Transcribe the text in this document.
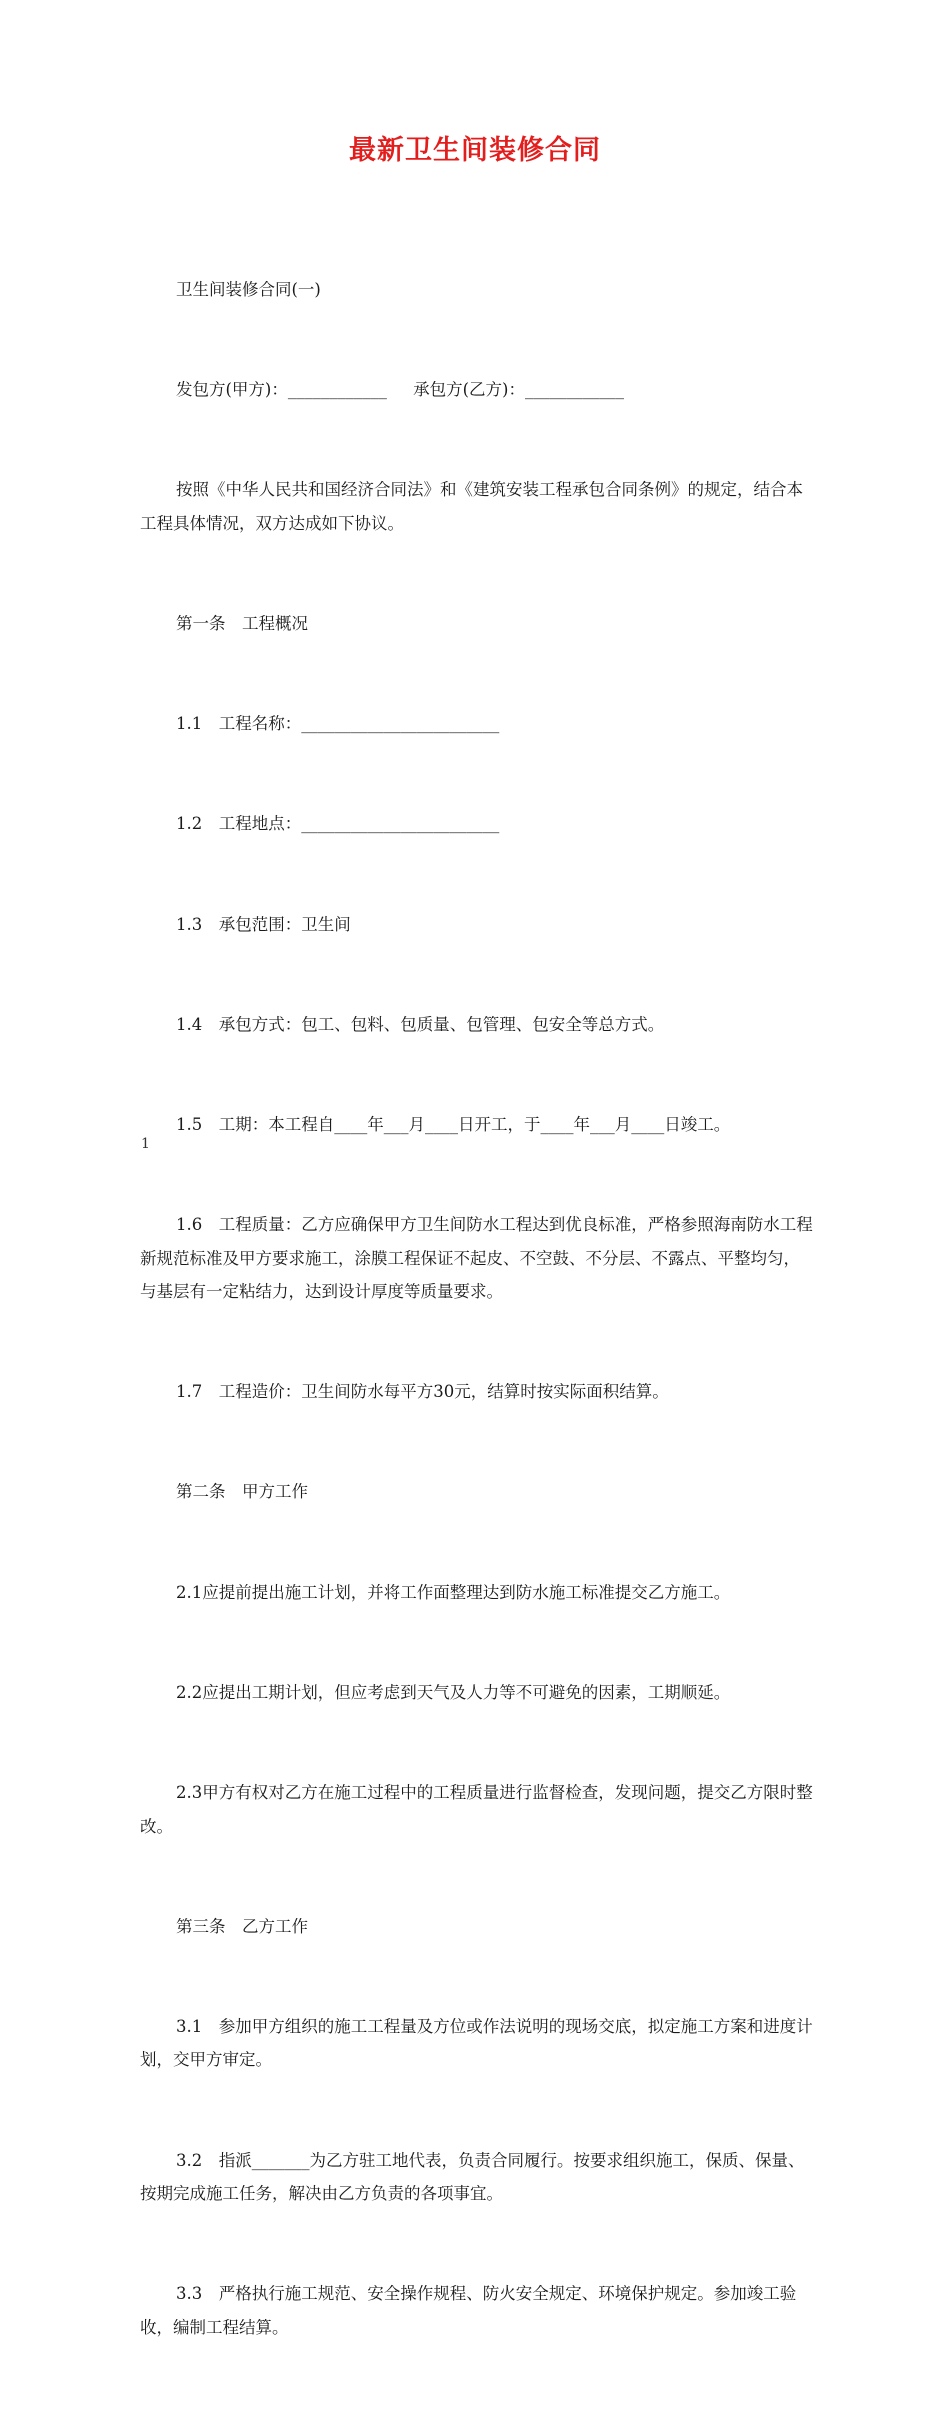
最新卫生间装修合同

卫生间装修合同(一)

发包方(甲方)：____________     承包方(乙方)：____________

按照《中华人民共和国经济合同法》和《建筑安装工程承包合同条例》的规定，结合本工程具体情况，双方达成如下协议。

第一条　工程概况

1.1　工程名称：________________________

1.2　工程地点：________________________

1.3　承包范围：卫生间

1.4　承包方式：包工、包料、包质量、包管理、包安全等总方式。

1.5　工期：本工程自____年___月____日开工，于____年___月____日竣工。

1.6　工程质量：乙方应确保甲方卫生间防水工程达到优良标准，严格参照海南防水工程新规范标准及甲方要求施工，涂膜工程保证不起皮、不空鼓、不分层、不露点、平整均匀，与基层有一定粘结力，达到设计厚度等质量要求。

1.7　工程造价：卫生间防水每平方30元，结算时按实际面积结算。

第二条　甲方工作

2.1应提前提出施工计划，并将工作面整理达到防水施工标准提交乙方施工。

2.2应提出工期计划，但应考虑到天气及人力等不可避免的因素，工期顺延。

2.3甲方有权对乙方在施工过程中的工程质量进行监督检查，发现问题，提交乙方限时整改。

第三条　乙方工作

3.1　参加甲方组织的施工工程量及方位或作法说明的现场交底，拟定施工方案和进度计划，交甲方审定。

3.2　指派_______为乙方驻工地代表，负责合同履行。按要求组织施工，保质、保量、按期完成施工任务，解决由乙方负责的各项事宜。

3.3　严格执行施工规范、安全操作规程、防火安全规定、环境保护规定。参加竣工验收，编制工程结算。

1
